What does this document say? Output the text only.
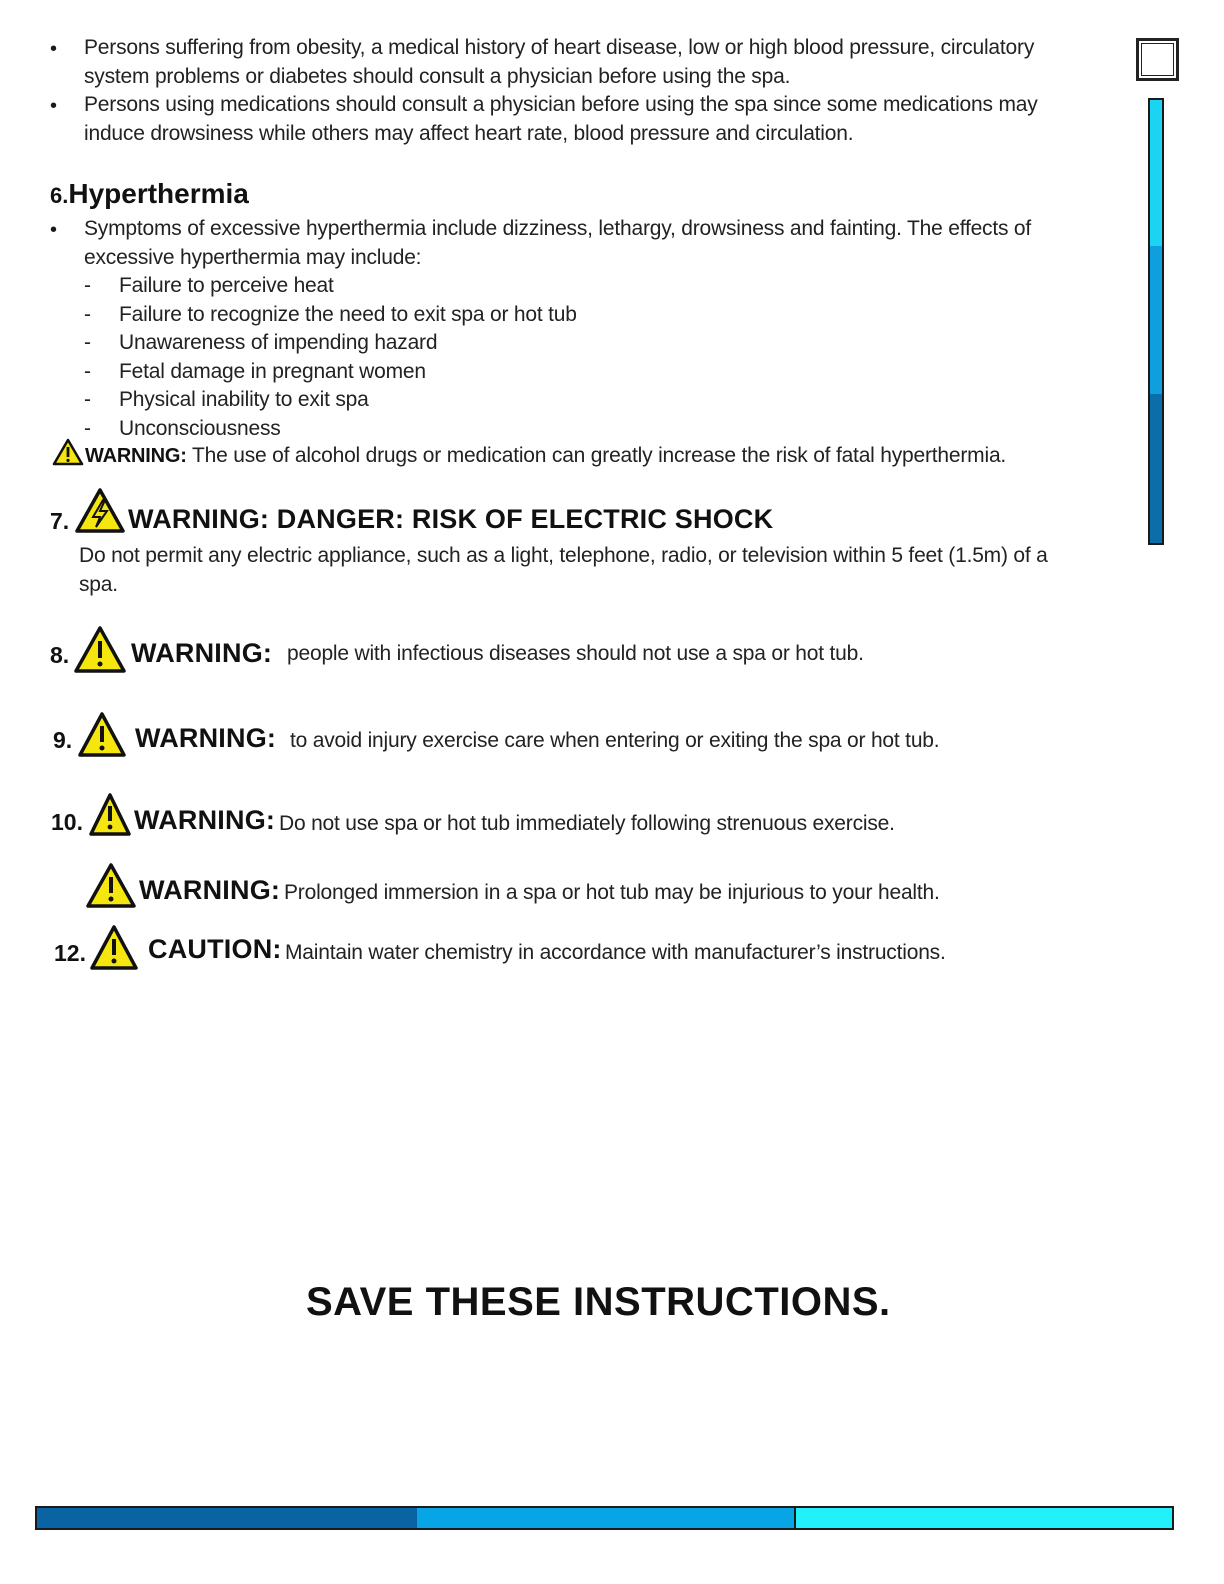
• Persons suffering from obesity, a medical history of heart disease, low or high blood pressure, circulatory
system problems or diabetes should consult a physician before using the spa.
• Persons using medications should consult a physician before using the spa since some medications may
induce drowsiness while others may affect heart rate, blood pressure and circulation.
6.Hyperthermia
• Symptoms of excessive hyperthermia include dizziness, lethargy, drowsiness and fainting. The effects of
excessive hyperthermia may include:
- Failure to perceive heat
- Failure to recognize the need to exit spa or hot tub
- Unawareness of impending hazard
- Fetal damage in pregnant women
- Physical inability to exit spa
- Unconsciousness
WARNING: The use of alcohol drugs or medication can greatly increase the risk of fatal hyperthermia.
7. WARNING: DANGER: RISK OF ELECTRIC SHOCK
Do not permit any electric appliance, such as a light, telephone, radio, or television within 5 feet (1.5m) of a
spa.
8. WARNING: people with infectious diseases should not use a spa or hot tub.
9. WARNING: to avoid injury exercise care when entering or exiting the spa or hot tub.
10. WARNING: Do not use spa or hot tub immediately following strenuous exercise.
WARNING: Prolonged immersion in a spa or hot tub may be injurious to your health.
12. CAUTION: Maintain water chemistry in accordance with manufacturer’s instructions.
SAVE THESE INSTRUCTIONS.
